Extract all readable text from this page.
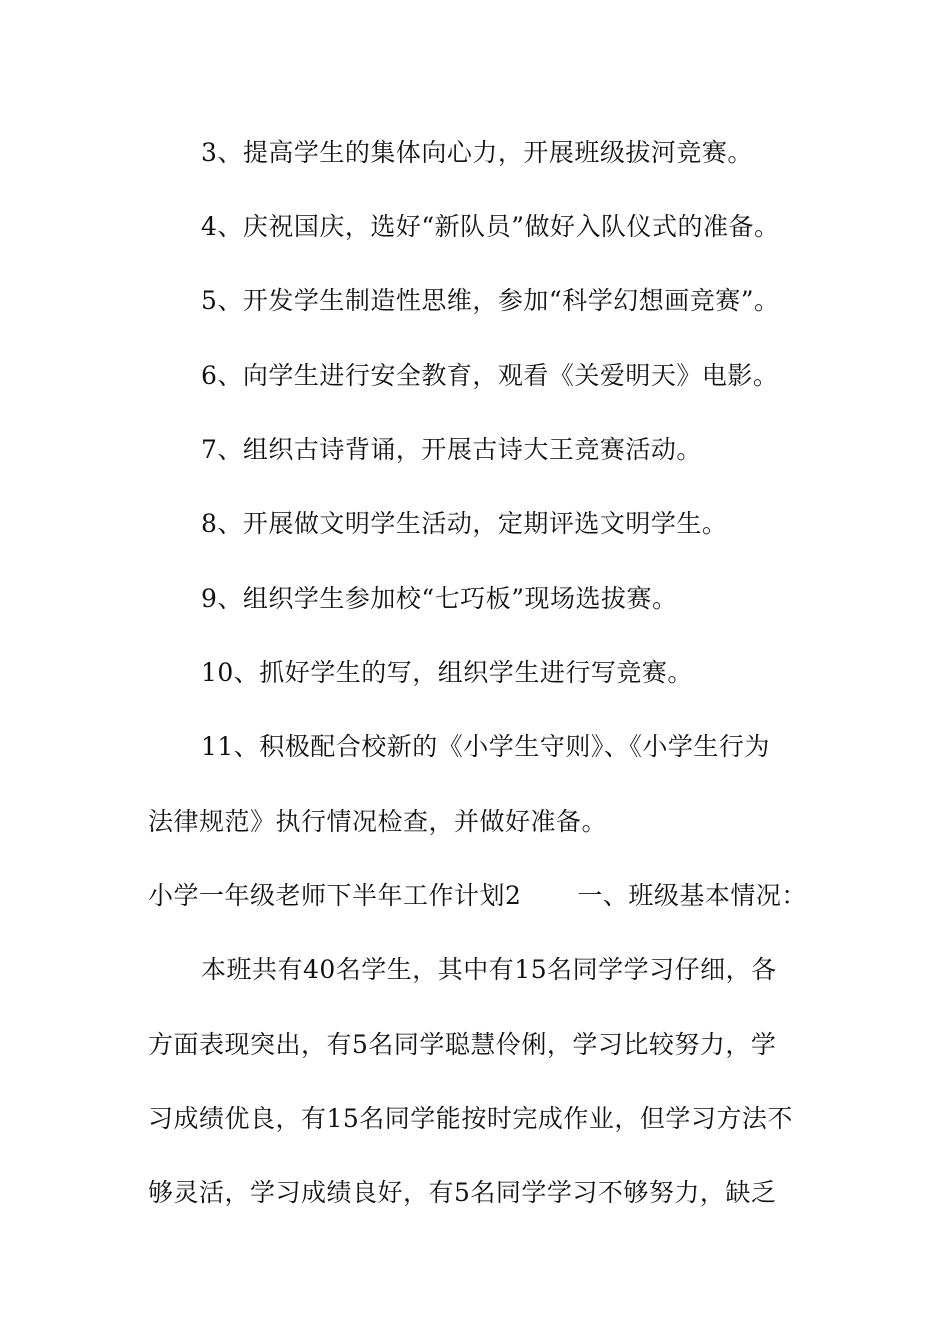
3、提高学生的集体向心力，开展班级拔河竞赛。
4、庆祝国庆，选好“新队员”做好入队仪式的准备。
5、开发学生制造性思维，参加“科学幻想画竞赛”。
6、向学生进行安全教育，观看《关爱明天》电影。
7、组织古诗背诵，开展古诗大王竞赛活动。
8、开展做文明学生活动，定期评选文明学生。
9、组织学生参加校“七巧板”现场选拔赛。
10、抓好学生的写，组织学生进行写竞赛。
11、积极配合校新的《小学生守则》、《小学生行为
法律规范》执行情况检查，并做好准备。
小学一年级老师下半年工作计划2 一、班级基本情况：
本班共有40名学生，其中有15名同学学习仔细，各
方面表现突出，有5名同学聪慧伶俐，学习比较努力，学
习成绩优良，有15名同学能按时完成作业，但学习方法不
够灵活，学习成绩良好，有5名同学学习不够努力，缺乏
